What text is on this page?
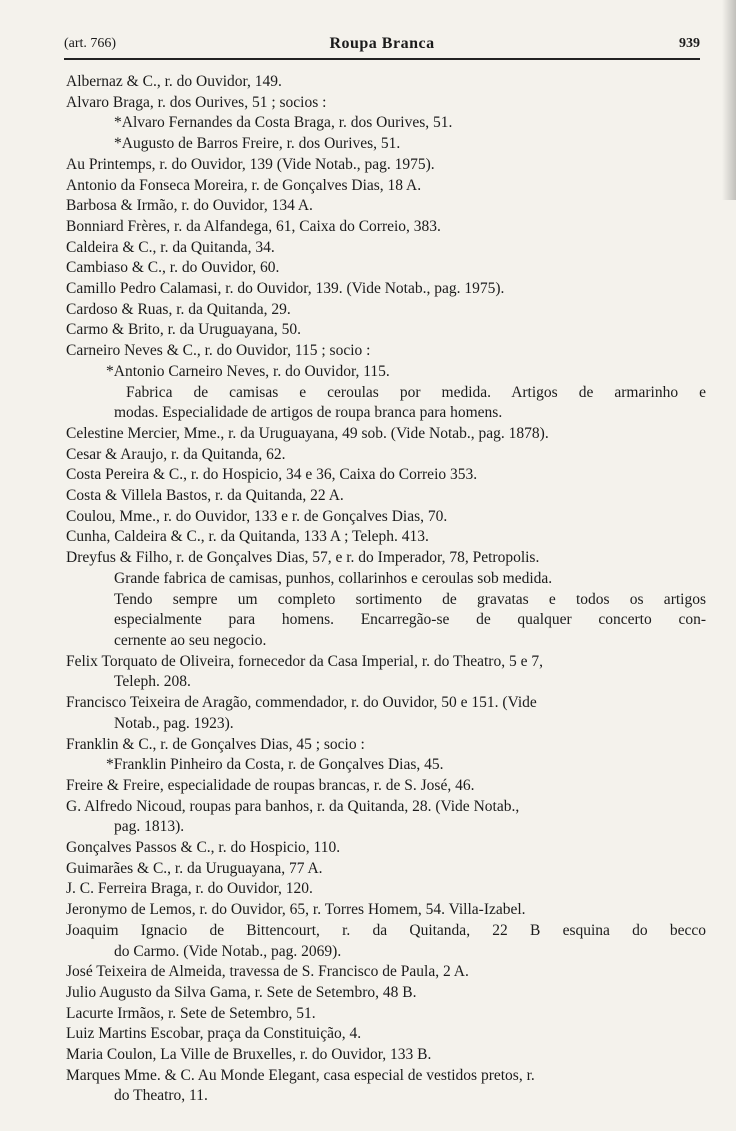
(art. 766)	Roupa Branca	939
Albernaz & C., r. do Ouvidor, 149.
Alvaro Braga, r. dos Ourives, 51 ; socios :
*Alvaro Fernandes da Costa Braga, r. dos Ourives, 51.
*Augusto de Barros Freire, r. dos Ourives, 51.
Au Printemps, r. do Ouvidor, 139 (Vide Notab., pag. 1975).
Antonio da Fonseca Moreira, r. de Gonçalves Dias, 18 A.
Barbosa & Irmão, r. do Ouvidor, 134 A.
Bonniard Frères, r. da Alfandega, 61, Caixa do Correio, 383.
Caldeira & C., r. da Quitanda, 34.
Cambiaso & C., r. do Ouvidor, 60.
Camillo Pedro Calamasi, r. do Ouvidor, 139. (Vide Notab., pag. 1975).
Cardoso & Ruas, r. da Quitanda, 29.
Carmo & Brito, r. da Uruguayana, 50.
Carneiro Neves & C., r. do Ouvidor, 115 ; socio :
*Antonio Carneiro Neves, r. do Ouvidor, 115.
Fabrica de camisas e ceroulas por medida. Artigos de armarinho e
modas. Especialidade de artigos de roupa branca para homens.
Celestine Mercier, Mme., r. da Uruguayana, 49 sob. (Vide Notab., pag. 1878).
Cesar & Araujo, r. da Quitanda, 62.
Costa Pereira & C., r. do Hospicio, 34 e 36, Caixa do Correio 353.
Costa & Villela Bastos, r. da Quitanda, 22 A.
Coulou, Mme., r. do Ouvidor, 133 e r. de Gonçalves Dias, 70.
Cunha, Caldeira & C., r. da Quitanda, 133 A ; Teleph. 413.
Dreyfus & Filho, r. de Gonçalves Dias, 57, e r. do Imperador, 78, Petropolis.
Grande fabrica de camisas, punhos, collarinhos e ceroulas sob medida.
Tendo sempre um completo sortimento de gravatas e todos os artigos
especialmente para homens. Encarregão-se de qualquer concerto con-
cernente ao seu negocio.
Felix Torquato de Oliveira, fornecedor da Casa Imperial, r. do Theatro, 5 e 7,
Teleph. 208.
Francisco Teixeira de Aragão, commendador, r. do Ouvidor, 50 e 151. (Vide
Notab., pag. 1923).
Franklin & C., r. de Gonçalves Dias, 45 ; socio :
*Franklin Pinheiro da Costa, r. de Gonçalves Dias, 45.
Freire & Freire, especialidade de roupas brancas, r. de S. José, 46.
G. Alfredo Nicoud, roupas para banhos, r. da Quitanda, 28. (Vide Notab.,
pag. 1813).
Gonçalves Passos & C., r. do Hospicio, 110.
Guimarães & C., r. da Uruguayana, 77 A.
J. C. Ferreira Braga, r. do Ouvidor, 120.
Jeronymo de Lemos, r. do Ouvidor, 65, r. Torres Homem, 54. Villa-Izabel.
Joaquim Ignacio de Bittencourt, r. da Quitanda, 22 B esquina do becco
do Carmo. (Vide Notab., pag. 2069).
José Teixeira de Almeida, travessa de S. Francisco de Paula, 2 A.
Julio Augusto da Silva Gama, r. Sete de Setembro, 48 B.
Lacurte Irmãos, r. Sete de Setembro, 51.
Luiz Martins Escobar, praça da Constituição, 4.
Maria Coulon, La Ville de Bruxelles, r. do Ouvidor, 133 B.
Marques Mme. & C. Au Monde Elegant, casa especial de vestidos pretos, r.
do Theatro, 11.
